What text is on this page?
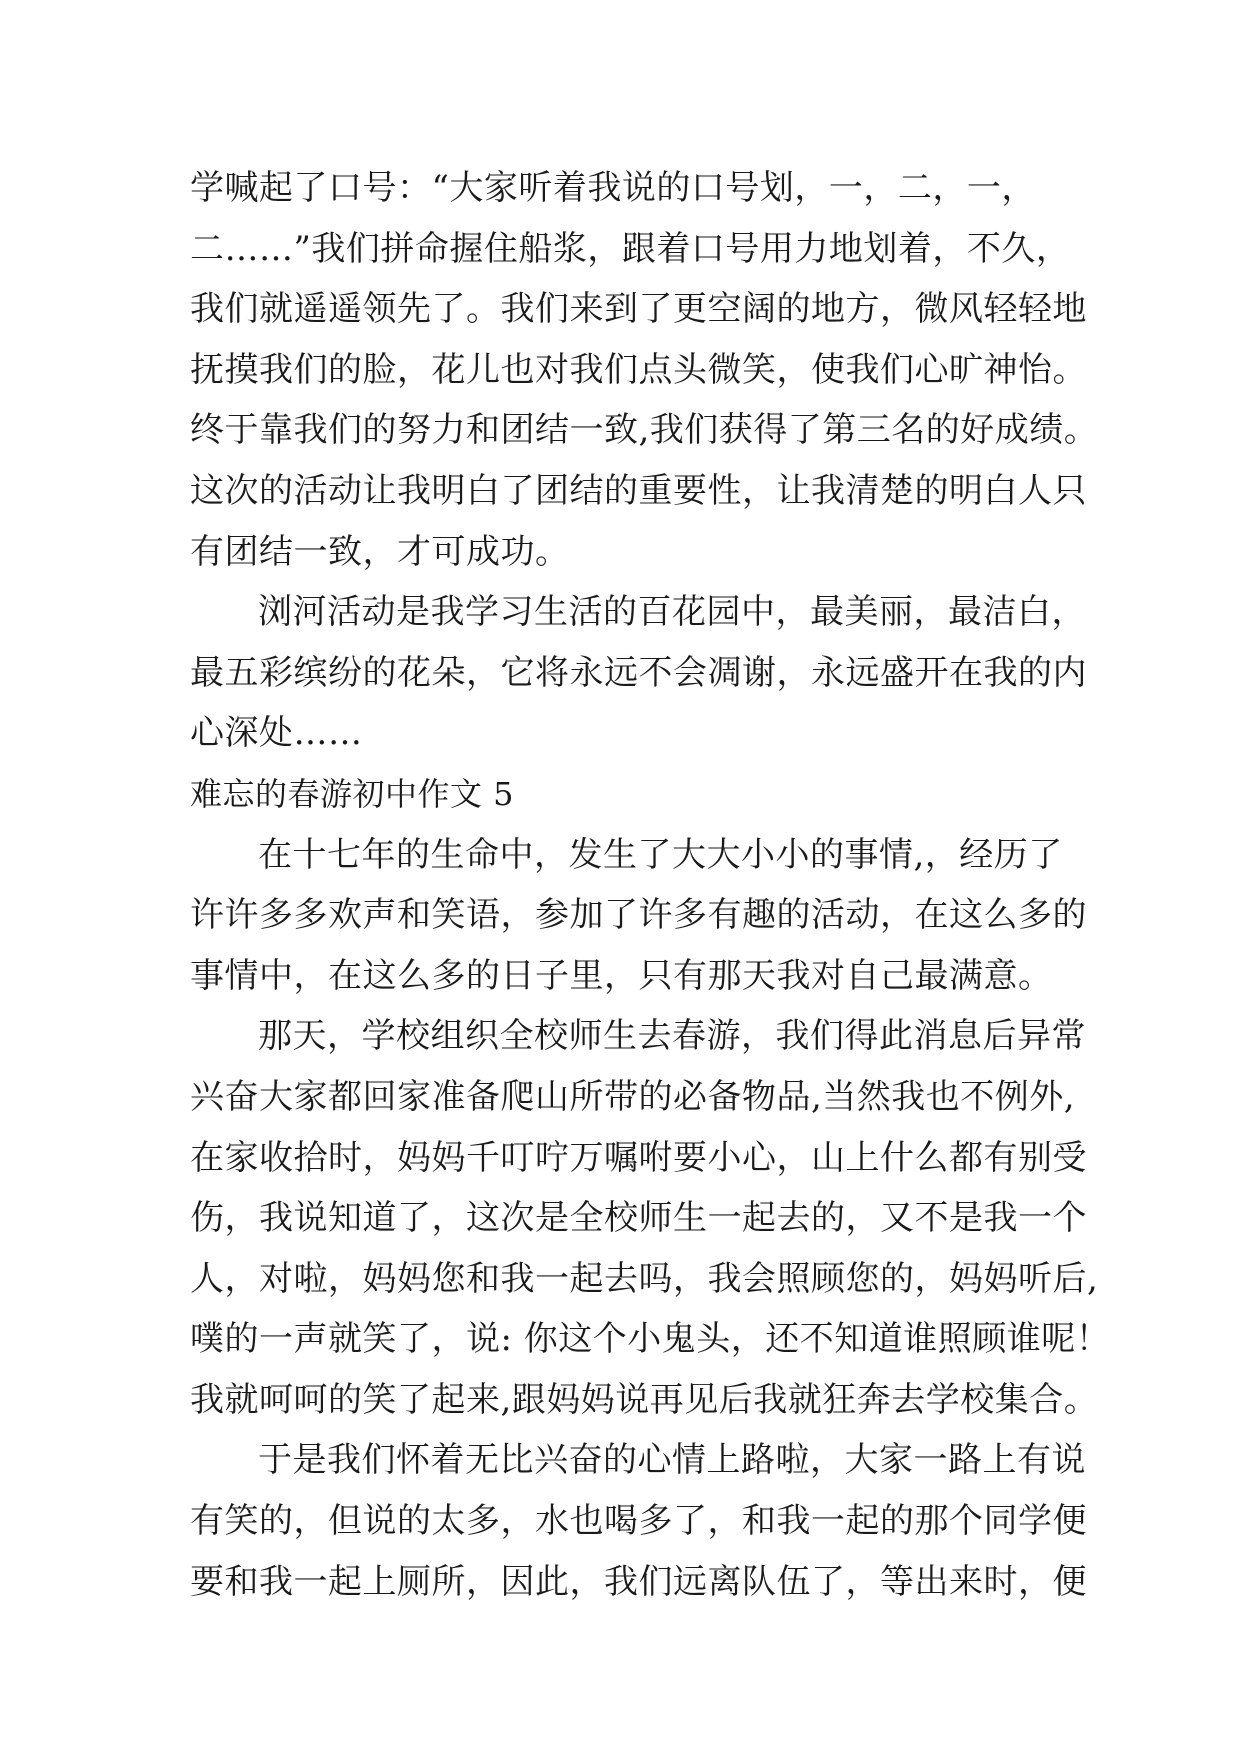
学喊起了口号：“大家听着我说的口号划，一，二，一，
二……”我们拼命握住船浆，跟着口号用力地划着，不久，
我们就遥遥领先了。我们来到了更空阔的地方，微风轻轻地
抚摸我们的脸，花儿也对我们点头微笑，使我们心旷神怡。
终于靠我们的努力和团结一致,我们获得了第三名的好成绩。
这次的活动让我明白了团结的重要性，让我清楚的明白人只
有团结一致，才可成功。
浏河活动是我学习生活的百花园中，最美丽，最洁白，
最五彩缤纷的花朵，它将永远不会凋谢，永远盛开在我的内
心深处……
难忘的春游初中作文 5
在十七年的生命中，发生了大大小小的事情,，经历了
许许多多欢声和笑语，参加了许多有趣的活动，在这么多的
事情中，在这么多的日子里，只有那天我对自己最满意。
那天，学校组织全校师生去春游，我们得此消息后异常
兴奋大家都回家准备爬山所带的必备物品,当然我也不例外,
在家收拾时，妈妈千叮咛万嘱咐要小心，山上什么都有别受
伤，我说知道了，这次是全校师生一起去的，又不是我一个
人，对啦，妈妈您和我一起去吗，我会照顾您的，妈妈听后,
噗的一声就笑了，说: 你这个小鬼头，还不知道谁照顾谁呢！
我就呵呵的笑了起来,跟妈妈说再见后我就狂奔去学校集合。
于是我们怀着无比兴奋的心情上路啦，大家一路上有说
有笑的，但说的太多，水也喝多了，和我一起的那个同学便
要和我一起上厕所，因此，我们远离队伍了，等出来时，便
